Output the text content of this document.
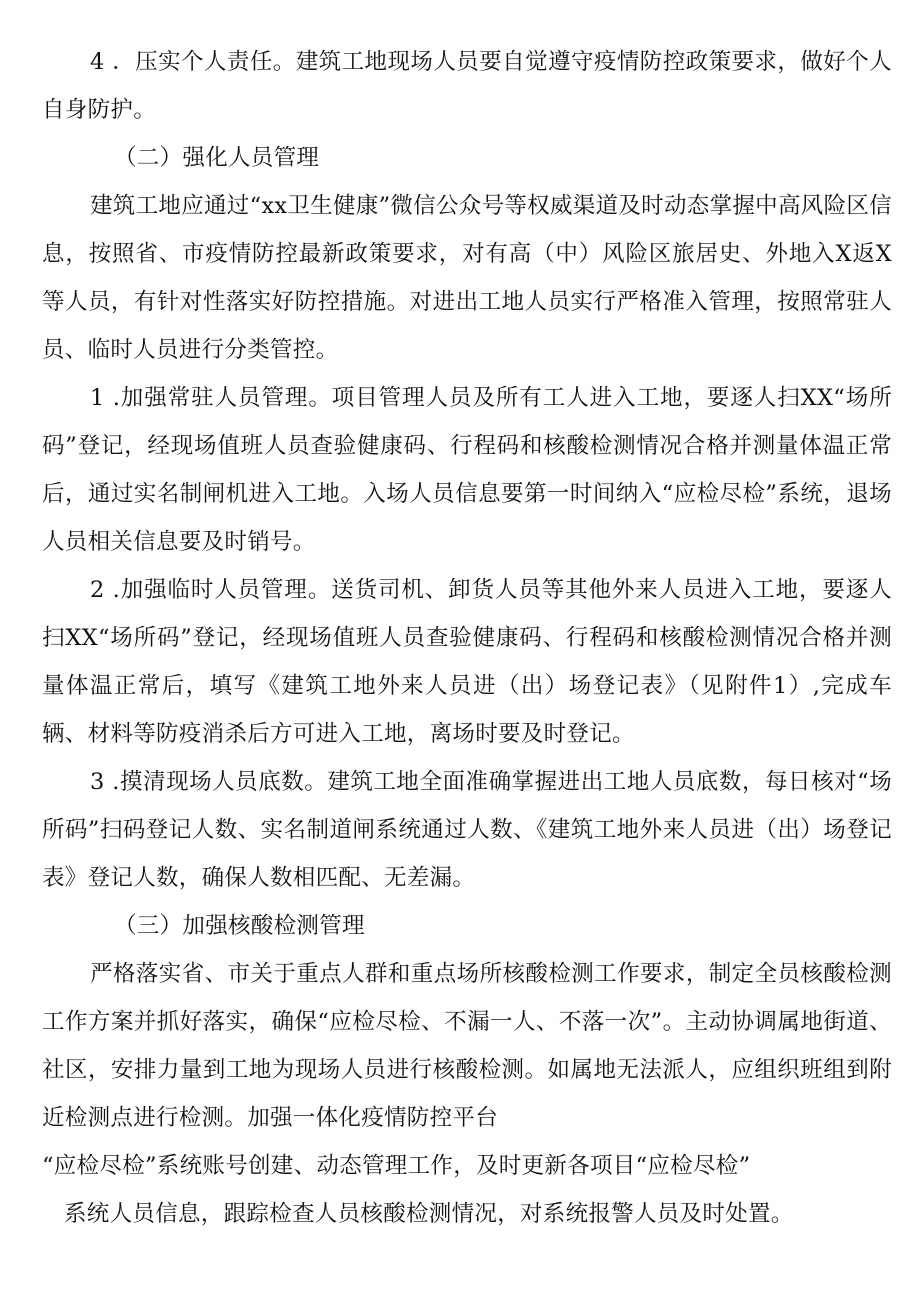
4 ．压实个人责任。建筑工地现场人员要自觉遵守疫情防控政策要求，做好个人自身防护。

（二）强化人员管理

建筑工地应通过“xx卫生健康”微信公众号等权威渠道及时动态掌握中高风险区信息，按照省、市疫情防控最新政策要求，对有高（中）风险区旅居史、外地入X返X等人员，有针对性落实好防控措施。对进出工地人员实行严格准入管理，按照常驻人员、临时人员进行分类管控。

1 .加强常驻人员管理。项目管理人员及所有工人进入工地，要逐人扫XX“场所码”登记，经现场值班人员查验健康码、行程码和核酸检测情况合格并测量体温正常后，通过实名制闸机进入工地。入场人员信息要第一时间纳入“应检尽检”系统，退场人员相关信息要及时销号。

2 .加强临时人员管理。送货司机、卸货人员等其他外来人员进入工地，要逐人扫XX“场所码”登记，经现场值班人员查验健康码、行程码和核酸检测情况合格并测量体温正常后，填写《建筑工地外来人员进（出）场登记表》（见附件1）,完成车辆、材料等防疫消杀后方可进入工地，离场时要及时登记。

3 .摸清现场人员底数。建筑工地全面准确掌握进出工地人员底数，每日核对“场所码”扫码登记人数、实名制道闸系统通过人数、《建筑工地外来人员进（出）场登记表》登记人数，确保人数相匹配、无差漏。

（三）加强核酸检测管理

严格落实省、市关于重点人群和重点场所核酸检测工作要求，制定全员核酸检测工作方案并抓好落实，确保“应检尽检、不漏一人、不落一次”。主动协调属地街道、社区，安排力量到工地为现场人员进行核酸检测。如属地无法派人，应组织班组到附近检测点进行检测。加强一体化疫情防控平台

“应检尽检”系统账号创建、动态管理工作，及时更新各项目“应检尽检”

系统人员信息，跟踪检查人员核酸检测情况，对系统报警人员及时处置。
